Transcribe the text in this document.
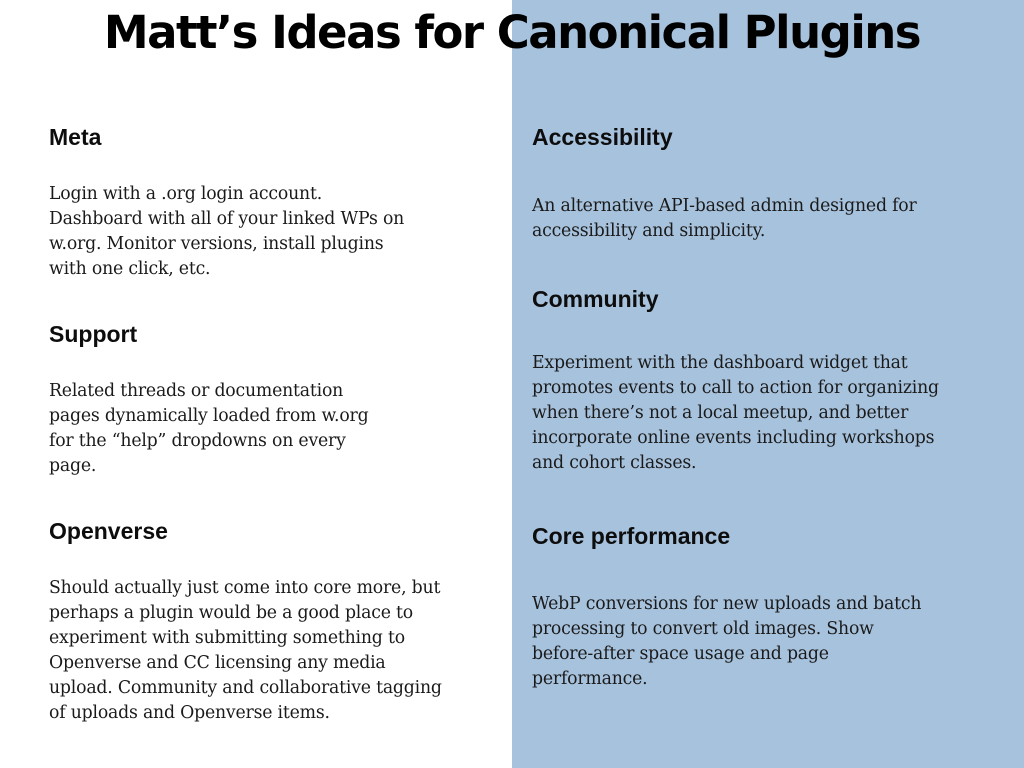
Matt’s Ideas for Canonical Plugins
Meta

Login with a .org login account.
Dashboard with all of your linked WPs on
w.org. Monitor versions, install plugins
with one click, etc.

Support

Related threads or documentation
pages dynamically loaded from w.org
for the “help” dropdowns on every
page.

Openverse

Should actually just come into core more, but
perhaps a plugin would be a good place to
experiment with submitting something to
Openverse and CC licensing any media
upload. Community and collaborative tagging
of uploads and Openverse items.

Accessibility

An alternative API-based admin designed for
accessibility and simplicity.

Community

Experiment with the dashboard widget that
promotes events to call to action for organizing
when there’s not a local meetup, and better
incorporate online events including workshops
and cohort classes.

Core performance

WebP conversions for new uploads and batch
processing to convert old images. Show
before-after space usage and page
performance.
